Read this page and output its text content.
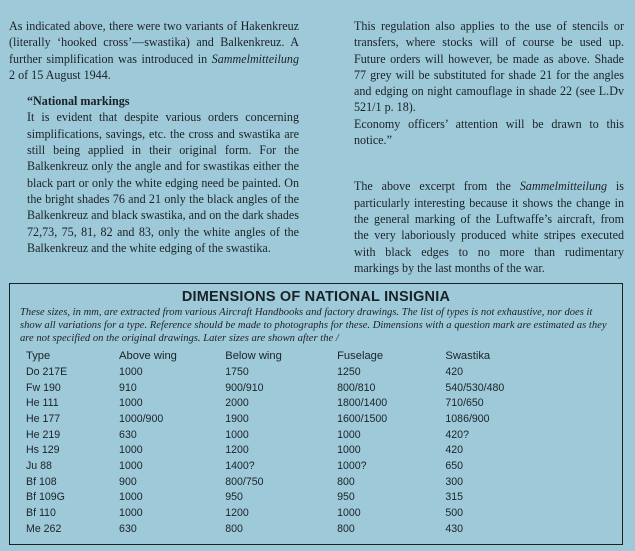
As indicated above, there were two variants of Hakenkreuz (literally ‘hooked cross’—swastika) and Balkenkreuz. A further simplification was introduced in Sammelmitteilung 2 of 15 August 1944.

“National markings

It is evident that despite various orders concerning simplifications, savings, etc. the cross and swastika are still being applied in their original form. For the Balkenkreuz only the angle and for swastikas either the black part or only the white edging need be painted. On the bright shades 76 and 21 only the black angles of the Balkenkreuz and black swastika, and on the dark shades 72,73, 75, 81, 82 and 83, only the white angles of the Balkenkreuz and the white edging of the swastika.

This regulation also applies to the use of stencils or transfers, where stocks will of course be used up. Future orders will however, be made as above. Shade 77 grey will be substituted for shade 21 for the angles and edging on night camouflage in shade 22 (see L.Dv 521/1 p. 18).

Economy officers’ attention will be drawn to this notice.”

The above excerpt from the Sammelmitteilung is particularly interesting because it shows the change in the general marking of the Luftwaffe’s aircraft, from the very laboriously produced white stripes executed with black edges to no more than rudimentary markings by the last months of the war.

DIMENSIONS OF NATIONAL INSIGNIA
These sizes, in mm, are extracted from various Aircraft Handbooks and factory drawings. The list of types is not exhaustive, nor does it show all variations for a type. Reference should be made to photographs for these. Dimensions with a question mark are estimated as they are not specified on the original drawings. Later sizes are shown after the /
Type	Above wing	Below wing		Fuselage	Swastika
Do 217E	1000	1750		1250	420
Fw 190	910	900/910		800/810	540/530/480
He 111	1000	2000		1800/1400	710/650
He 177	1000/900	1900		1600/1500	1086/900
He 219	630	1000		1000	420?
Hs 129	1000	1200		1000	420
Ju 88	1000	1400?		1000?	650
Bf 108	900	800/750		800	300
Bf 109G	1000	950		950	315
Bf 110	1000	1200		1000	500
Me 262	630	800		800	430
